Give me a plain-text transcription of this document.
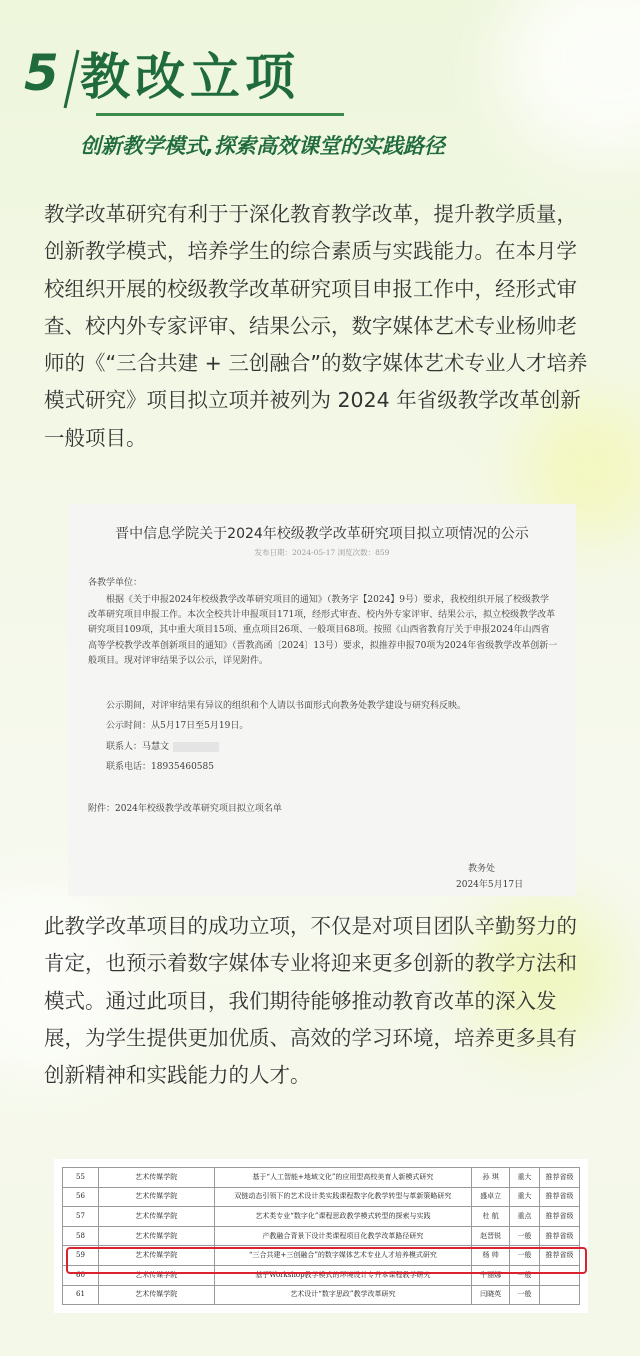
5 教改立项
创新教学模式,探索高效课堂的实践路径

教学改革研究有利于于深化教育教学改革，提升教学质量，创新教学模式，培养学生的综合素质与实践能力。在本月学校组织开展的校级教学改革研究项目申报工作中，经形式审查、校内外专家评审、结果公示，数字媒体艺术专业杨帅老师的《“三合共建 + 三创融合”的数字媒体艺术专业人才培养模式研究》项目拟立项并被列为 2024 年省级教学改革创新一般项目。

晋中信息学院关于2024年校级教学改革研究项目拟立项情况的公示
发布日期：2024-05-17 浏览次数：859
各教学单位：

根据《关于申报2024年校级教学改革研究项目的通知》（教务字【2024】9号）要求，我校组织开展了校级教学改革研究项目申报工作。本次全校共计申报项目171项，经形式审查、校内外专家评审、结果公示，拟立校级教学改革研究项目109项，其中重大项目15项、重点项目26项、一般项目68项。按照《山西省教育厅关于申报2024年山西省高等学校教学改革创新项目的通知》（晋教高函〔2024〕13号）要求，拟推荐申报70项为2024年省级教学改革创新一般项目。现对评审结果予以公示，详见附件。

公示期间，对评审结果有异议的组织和个人请以书面形式向教务处教学建设与研究科反映。
公示时间：从5月17日至5月19日。
联系人：马慧文
联系电话：18935460585
附件：2024年校级教学改革研究项目拟立项名单
教务处
2024年5月17日

此教学改革项目的成功立项，不仅是对项目团队辛勤努力的肯定，也预示着数字媒体专业将迎来更多创新的教学方法和模式。通过此项目，我们期待能够推动教育改革的深入发展，为学生提供更加优质、高效的学习环境，培养更多具有创新精神和实践能力的人才。

55	艺术传媒学院	基于“人工智能+地域文化”的应用型高校美育人新模式研究	孙 琪	重大	推荐省级
56	艺术传媒学院	双链动态引领下的艺术设计类实践课程数字化教学转型与革新策略研究	盛卓立	重大	推荐省级
57	艺术传媒学院	艺术类专业“数字化”课程思政教学模式转型的探索与实践	杜 航	重点	推荐省级
58	艺术传媒学院	产教融合背景下设计类课程项目化教学改革路径研究	赵晋锐	一般	推荐省级
59	艺术传媒学院	“三合共建+三创融合”的数字媒体艺术专业人才培养模式研究	杨 帅	一般	推荐省级
60	艺术传媒学院	基于Workshop教学模式的环境设计专升本课程教学研究	牛丽娜	一般	
61	艺术传媒学院	艺术设计“数字思政”教学改革研究	闫晓英	一般	
